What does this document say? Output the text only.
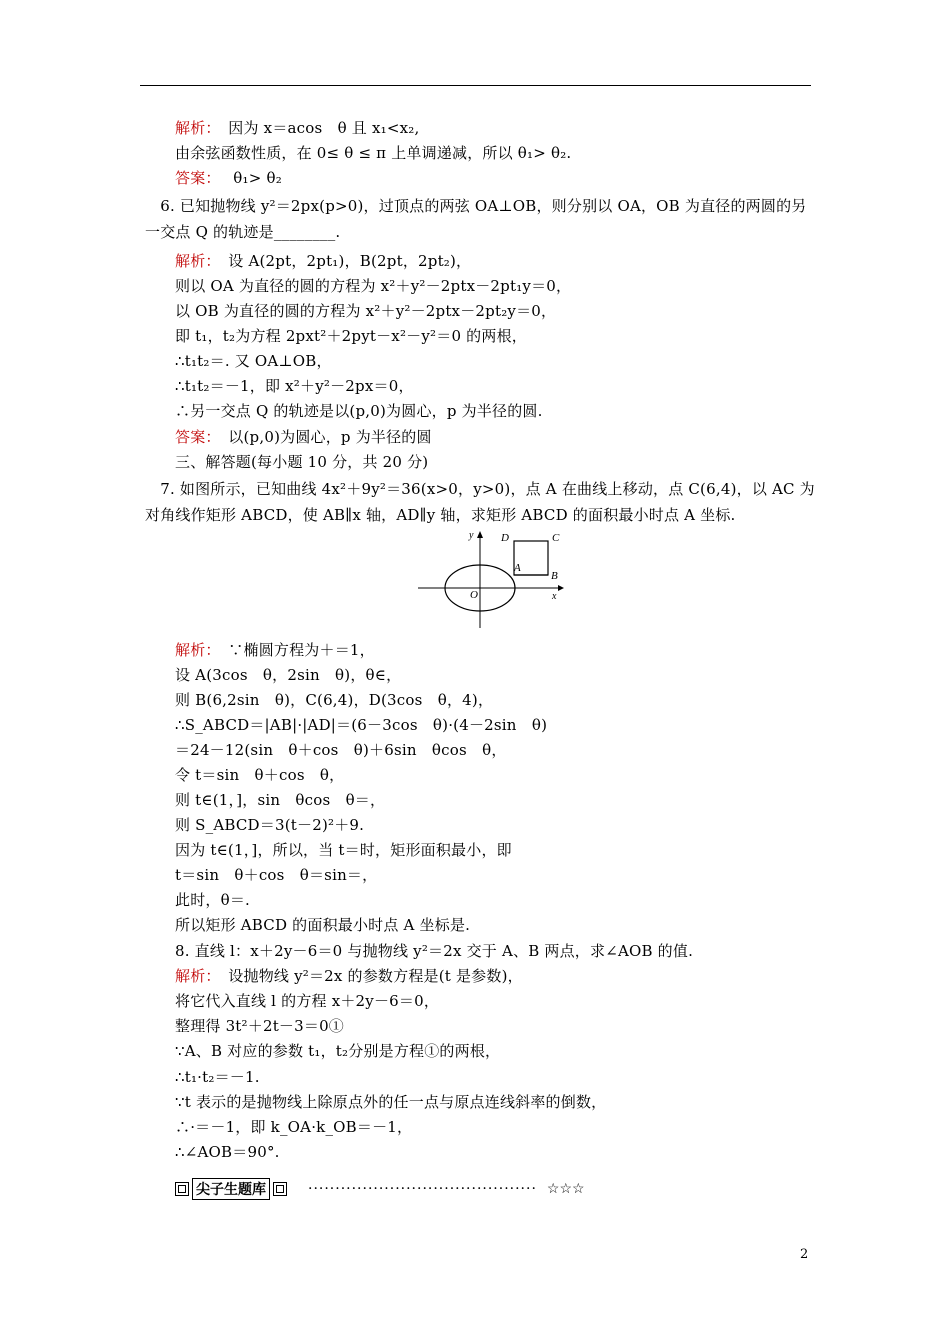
解析：　因为 x＝acos　θ 且 x₁<x₂,
由余弦函数性质，在 0≤ θ ≤ π 上单调递减，所以 θ₁> θ₂.
答案：　 θ₁> θ₂
　6. 已知抛物线 y²＝2px(p>0)，过顶点的两弦 OA⊥OB，则分别以 OA，OB 为直径的两圆的另
一交点 Q 的轨迹是________.
解析：　设 A(2pt，2pt₁)，B(2pt，2pt₂)，
则以 OA 为直径的圆的方程为 x²＋y²－2ptx－2pt₁y＝0，
以 OB 为直径的圆的方程为 x²＋y²－2ptx－2pt₂y＝0，
即 t₁，t₂为方程 2pxt²＋2pyt－x²－y²＝0 的两根，
∴t₁t₂＝. 又 OA⊥OB，
∴t₁t₂＝－1，即 x²＋y²－2px＝0，
∴另一交点 Q 的轨迹是以(p,0)为圆心，p 为半径的圆.
答案：　以(p,0)为圆心，p 为半径的圆
三、解答题(每小题 10 分，共 20 分)
　7. 如图所示，已知曲线 4x²＋9y²＝36(x>0，y>0)，点 A 在曲线上移动，点 C(6,4)，以 AC 为
对角线作矩形 ABCD，使 AB∥x 轴，AD∥y 轴，求矩形 ABCD 的面积最小时点 A 坐标.
解析：　∵椭圆方程为＋＝1，
设 A(3cos　θ，2sin　θ)，θ∈，
则 B(6,2sin　θ)，C(6,4)，D(3cos　θ，4)，
∴S_ABCD＝|AB|·|AD|＝(6－3cos　θ)·(4－2sin　θ)
＝24－12(sin　θ＋cos　θ)＋6sin　θcos　θ，
令 t＝sin　θ＋cos　θ，
则 t∈(1，]，sin　θcos　θ＝，
则 S_ABCD＝3(t－2)²＋9.
因为 t∈(1，]，所以，当 t＝时，矩形面积最小，即
t＝sin　θ＋cos　θ＝sin＝，
此时，θ＝.
所以矩形 ABCD 的面积最小时点 A 坐标是.
8. 直线 l：x＋2y－6＝0 与抛物线 y²＝2x 交于 A、B 两点，求∠AOB 的值.
解析：　设抛物线 y²＝2x 的参数方程是(t 是参数)，
将它代入直线 l 的方程 x＋2y－6＝0，
整理得 3t²＋2t－3＝0①
∵A、B 对应的参数 t₁，t₂分别是方程①的两根，
∴t₁·t₂＝－1.
∵t 表示的是抛物线上除原点外的任一点与原点连线斜率的倒数，
∴·＝－1，即 k_OA·k_OB＝－1，
∴∠AOB＝90°.
y
x
D	C
A
B
O
尖子生题库	·········································· ☆☆☆
2
